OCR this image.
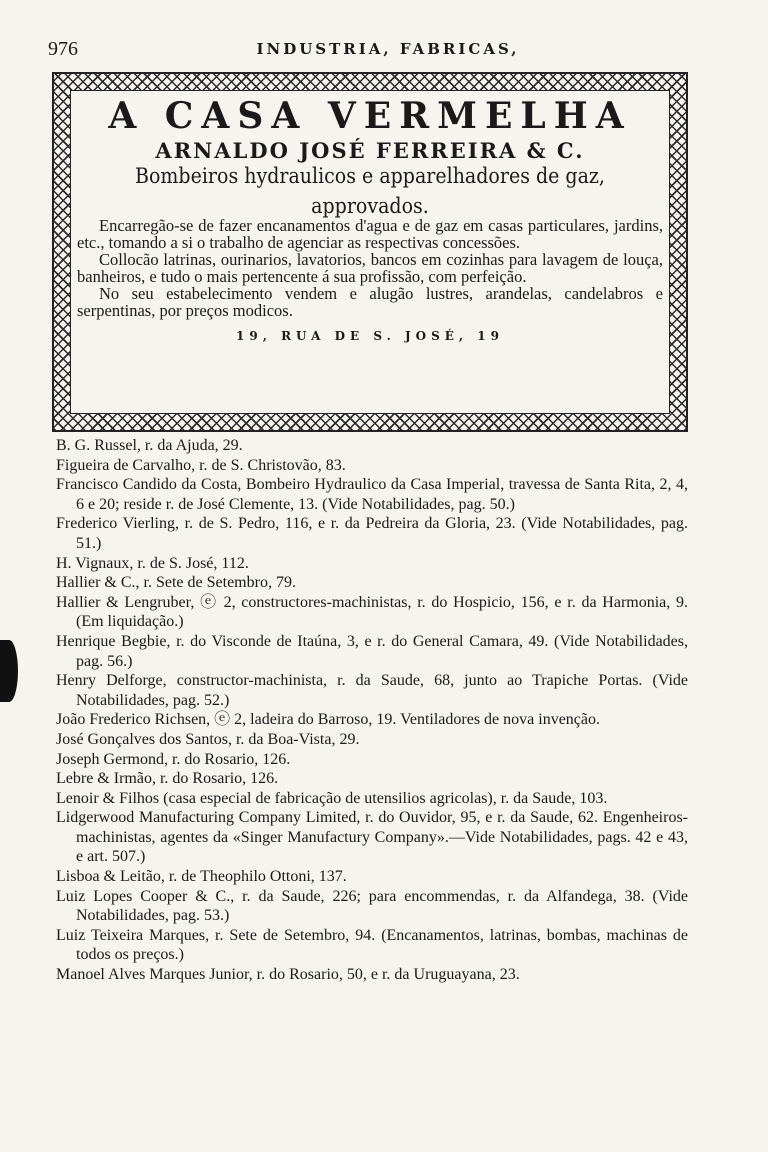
976	INDUSTRIA, FABRICAS,
A CASA VERMELHA
ARNALDO JOSÉ FERREIRA & C.
Bombeiros hydraulicos e apparelhadores de gaz, approvados.

Encarregão-se de fazer encanamentos d'agua e de gaz em casas particulares, jardins, etc., tomando a si o trabalho de agenciar as respectivas concessões.

Collocão latrinas, ourinarios, lavatorios, bancos em cozinhas para lavagem de louça, banheiros, e tudo o mais pertencente á sua profissão, com perfeição.

No seu estabelecimento vendem e alugão lustres, arandelas, candelabros e serpentinas, por preços modicos.

19, RUA DE S. JOSÉ, 19

B. G. Russel, r. da Ajuda, 29.

Figueira de Carvalho, r. de S. Christovão, 83.

Francisco Candido da Costa, Bombeiro Hydraulico da Casa Imperial, travessa de Santa Rita, 2, 4, 6 e 20; reside r. de José Clemente, 13. (Vide Notabilidades, pag. 50.)

Frederico Vierling, r. de S. Pedro, 116, e r. da Pedreira da Gloria, 23. (Vide Notabilidades, pag. 51.)

H. Vignaux, r. de S. José, 112.

Hallier & C., r. Sete de Setembro, 79.

Hallier & Lengruber, ⓔ 2, constructores-machinistas, r. do Hospicio, 156, e r. da Harmonia, 9. (Em liquidação.)

Henrique Begbie, r. do Visconde de Itaúna, 3, e r. do General Camara, 49. (Vide Notabilidades, pag. 56.)

Henry Delforge, constructor-machinista, r. da Saude, 68, junto ao Trapiche Portas. (Vide Notabilidades, pag. 52.)

João Frederico Richsen, ⓔ 2, ladeira do Barroso, 19. Ventiladores de nova invenção.

José Gonçalves dos Santos, r. da Boa-Vista, 29.

Joseph Germond, r. do Rosario, 126.

Lebre & Irmão, r. do Rosario, 126.

Lenoir & Filhos (casa especial de fabricação de utensilios agricolas), r. da Saude, 103.

Lidgerwood Manufacturing Company Limited, r. do Ouvidor, 95, e r. da Saude, 62. Engenheiros-machinistas, agentes da «Singer Manufactury Company».—Vide Notabilidades, pags. 42 e 43, e art. 507.)

Lisboa & Leitão, r. de Theophilo Ottoni, 137.

Luiz Lopes Cooper & C., r. da Saude, 226; para encommendas, r. da Alfandega, 38. (Vide Notabilidades, pag. 53.)

Luiz Teixeira Marques, r. Sete de Setembro, 94. (Encanamentos, latrinas, bombas, machinas de todos os preços.)

Manoel Alves Marques Junior, r. do Rosario, 50, e r. da Uruguayana, 23.
